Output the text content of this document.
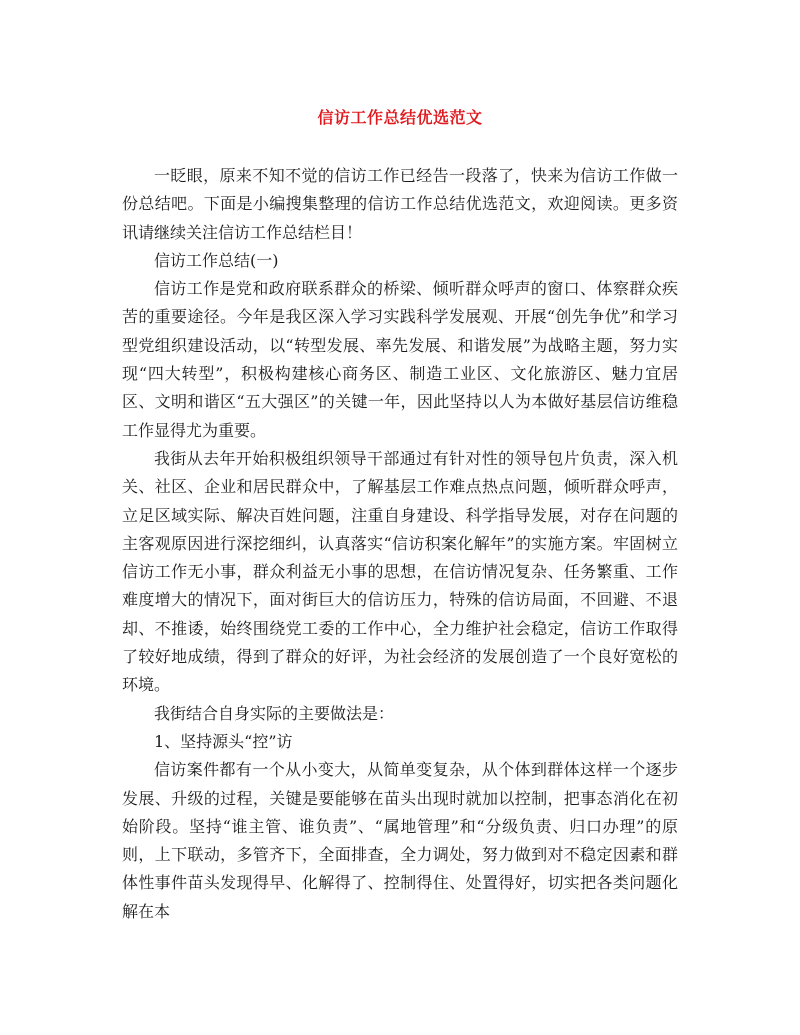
信访工作总结优选范文

一眨眼，原来不知不觉的信访工作已经告一段落了，快来为信访工作做一份总结吧。下面是小编搜集整理的信访工作总结优选范文，欢迎阅读。更多资讯请继续关注信访工作总结栏目！

信访工作总结(一)

信访工作是党和政府联系群众的桥梁、倾听群众呼声的窗口、体察群众疾苦的重要途径。今年是我区深入学习实践科学发展观、开展“创先争优”和学习型党组织建设活动，以“转型发展、率先发展、和谐发展”为战略主题，努力实现“四大转型”，积极构建核心商务区、制造工业区、文化旅游区、魅力宜居区、文明和谐区“五大强区”的关键一年，因此坚持以人为本做好基层信访维稳工作显得尤为重要。

我街从去年开始积极组织领导干部通过有针对性的领导包片负责，深入机关、社区、企业和居民群众中，了解基层工作难点热点问题，倾听群众呼声，立足区域实际、解决百姓问题，注重自身建设、科学指导发展，对存在问题的主客观原因进行深挖细纠，认真落实“信访积案化解年”的实施方案。牢固树立信访工作无小事，群众利益无小事的思想，在信访情况复杂、任务繁重、工作难度增大的情况下，面对街巨大的信访压力，特殊的信访局面，不回避、不退却、不推诿，始终围绕党工委的工作中心，全力维护社会稳定，信访工作取得了较好地成绩，得到了群众的好评，为社会经济的发展创造了一个良好宽松的环境。

我街结合自身实际的主要做法是：

1、坚持源头“控”访

信访案件都有一个从小变大，从简单变复杂，从个体到群体这样一个逐步发展、升级的过程，关键是要能够在苗头出现时就加以控制，把事态消化在初始阶段。坚持“谁主管、谁负责”、“属地管理”和“分级负责、归口办理”的原则，上下联动，多管齐下，全面排查，全力调处，努力做到对不稳定因素和群体性事件苗头发现得早、化解得了、控制得住、处置得好，切实把各类问题化解在本
